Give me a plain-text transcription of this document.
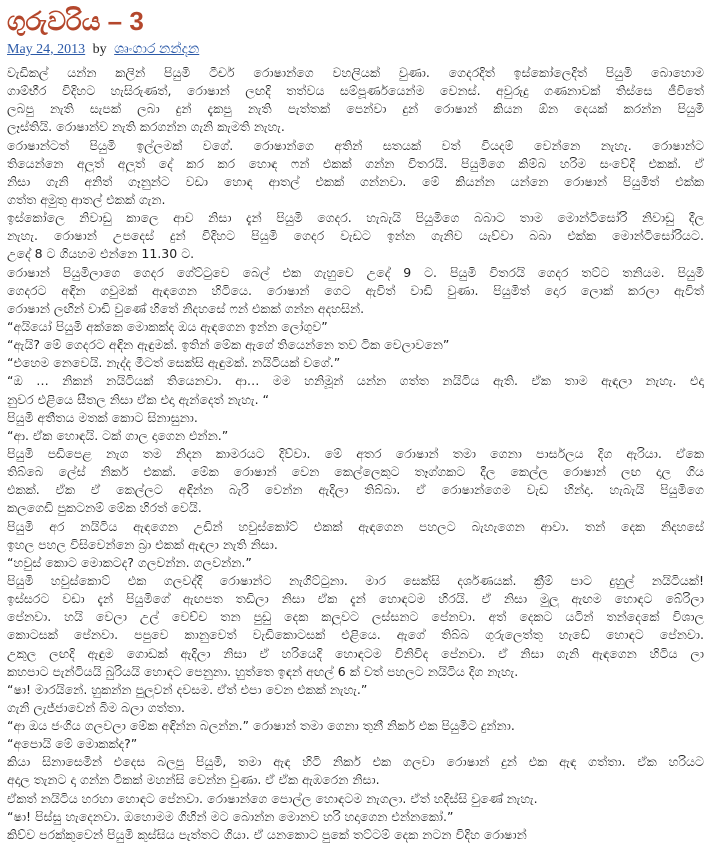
ගුරුවරිය – 3
May 24, 2013 by ශෘංගාර නන්දන
වැඩිකල් යන්න කලින් පියුමි ටීචර් රොෂාන්ගෙ වහලියක් වුණා. ගෙදරදිත් ඉස්කෝලෙදිත් පියුමි බොහොම
ගාම්භීර විදිහට හැසිරුණත්, රොෂාන් ලඟදි තත්වය සම්පූර්ණයෙන්ම වෙනස්. අවුරුදු ගණනාවක් තිස්සෙ ජීවිතේ
ලබපු නැති සැපක් ලබා දුන් දැකපු නැති පැත්තක් පෙන්වා දුන් රොෂාන් කියන ඕන දෙයක් කරන්න පියුමි
ලෑස්තියි. රොෂාන්ව නැති කරගන්න ගැනි කැමති නැහැ.
රොෂාන්ටත් පියුමි ඉල්ලමක් වගේ. රොෂාන්ගෙ අතින් සතයක් වත් වියදම් වෙන්නෙ නැහැ. රොෂාන්ට
තියෙන්නෙ අලුත් අලුත් දේ කර කර හොඳ ෆන් එකක් ගන්න විතරයි. පියුමිගෙ කිම්බ හරිම සංවේදි එකක්. ඒ
නිසා ගැනි අනිත් ගෑනුන්ට වඩා හොඳ ආතල් එකක් ගන්නවා. මේ කියන්න යන්නෙ රොෂාන් පියුමිත් එක්ක
ගත්ත අමුතු ආතල් එකක් ගැන.
ඉස්කෝලෙ නිවාඩු කාලෙ ආව නිසා දැන් පියුමි ගෙදර. හැබැයි පියුමිගෙ බබාට තාම මොන්ටිසෝරි නිවාඩු දීල
නැහැ. රොෂාන් උපදෙස් දුන් විදිහට පියුමි ගෙදර වැඩට ඉන්න ගැනිව යැව්වා බබා එක්ක මොන්ටිසෝරියට.
උදේ 8 ට ගියහම එන්නෙ 11.30 ට.
රොෂාන් පියුමිලාගෙ ගෙදර ගේට්ටුවෙ බෙල් එක ගැහුවෙ උදේ 9 ට. පියුමි විතරයි ගෙදර තට්ට තනියම. පියුමි
ගෙදරට අඳින ගවුමක් ඇඳගෙන හිටියෙ. රොෂාන් ගෙට ඇවිත් වාඩි වුණා. පියුමිත් දොර ලොක් කරලා ඇවිත්
රොෂාන් ලඟින් වාඩි වුණේ හිතේ නිදහසේ ෆන් එකක් ගන්න අදහසින්.
“අයියෝ පියුමි අක්කෙ මොකක්ද ඔය ඇඳගෙන ඉන්න ලෝගුව”
“ඇයි? මේ ගෙදරට අඳින ඇඳුමක්. ඉතින් මේක ඇගේ තියෙන්නෙ තව ටික වෙලාවනෙ”
“එහෙම නෙවෙයි. නැද්ද මීටත් සෙක්සි ඇඳුමක්. නයිටියක් වගේ.”
“ඔ … නිකන් නයිටියක් තියෙනවා. ආ… මම හනිමූන් යන්න ගත්ත නයිටිය ඇති. ඒක තාම ඇඳලා නැහැ. එදා
නුවර එළියෙ සීතල නිසා ඒක එදා ඇන්දෙත් නැහැ. “
පියුමි අතීතය මතක් කොට සිනාසුනා.
“ආ. ඒක හොඳයි. ටක් ගාල දාගෙන එන්න.”
පියුමි පඩිපෙළ නැග තම නිදන කාමරයට දිව්වා. මේ අතර රොෂාන් තමා ගෙනා පාර්සලය දිග ඇරියා. ඒකෙ
තිබ්බෙ ලේස් නිකර් එකක්. මේක රොෂාන් වෙන කෙල්ලෙකුට තෑග්ගකට දීල කෙල්ල රොෂාන් ලඟ දාල ගිය
එකක්. ඒක ඒ කෙල්ලට අඳින්න බැරි වෙන්න ඇදිලා තිබ්බා. ඒ රොෂාන්ගෙම වැඩ හින්දා. හැබැයි පියුමිගෙ
කලගෙඩි පුකටනම් මේක හිරත් වෙයි.
පියුමි අර නයිටිය ඇඳගෙන උඩින් හවුස්කෝට් එකක් ඇඳගෙන පහලට බැහැගෙන ආවා. තන් දෙක නිදහසේ
ඉහල පහල විසිවෙන්නෙ බ්‍රා එකක් ඇඳලා නැති නිසා.
“හවුස් කොට මොකටද? ගලවන්න. ගලවන්න.”
පියුමි හවුස්කොට් එක ගලවද්දි රොෂාන්ට නැගිට්ටුනා. මාර සෙක්සි දර්ශණයක්. ක්‍රීම් පාට දුහුල් නයිටියක්!
ඉස්සරට වඩා දැන් පියුමිගේ ඇඟපත තඩිලා නිසා ඒක දැන් හොඳටම හිරයි. ඒ නිසා මුලු ඇඟම හොඳට බේරිලා
පේනවා. හයි වෙලා උල් වෙච්ච තන පුඩු දෙක කලුවට ලස්සනට පේනවා. අත් දෙකට යටින් තන්දෙකේ විශාල
කොටසක් පේනවා. පපුවෙ කානුවෙත් වැඩිකොටසක් එළියෙ. ඇගේ තිබ්බ ගුරුලෙත්තු හැඩේ හොඳට පේනවා.
උකුල ලඟදි ඇඳුම ගොඩක් ඇදිලා නිසා ඒ හරියෙදි හොඳටම විනිවිද පේනවා. ඒ නිසා ගැනි ඇඳගෙන හිටිය ලා
කහපාට පැන්ටියයි බුරියයි හොඳට පෙනුනා. හුත්තෙ ඉඳන් අඟල් 6 ක් වත් පහලට නයිටිය දිග නැහැ.
“ෂා! මාරයිනේ. හුකන්න පුලුවන් දවසම. ඒත් එපා වෙන එකක් නැහැ.”
ගැනි ලැජ්ජාවෙන් බිම බලා ගත්තා.
“ආ ඔය ජංගිය ගලවලා මේක අඳින්න බලන්න.” රොෂාන් තමා ගෙනා තුනී නිකර් එක පියුමිට දුන්නා.
“අපොයි මේ මොකක්ද?”
කියා සිනාසෙමින් එදෙස බලපු පියුමි, තමා ඇඳ හිටි නිකර් එක ගලවා රොෂාන් දුන් එක ඇඳ ගත්තා. ඒක හරියට
අදාල තැනට දා ගන්න ටිකක් මහන්සි වෙන්න වුණා. ඒ ඒක ඇඹරෙන නිසා.
ඒකත් නයිටිය හරහා හොඳට පේනවා. රොෂාන්ගෙ පොල්ල හොඳටම නැගලා. ඒත් හදිස්සි වුණේ නැහැ.
“ෂා! පිස්සු හැදෙනවා. ඔහොමම ගිහින් මට බොන්න මොනව හරි හදාගෙන එන්නකෝ.”
කිව්ව පරක්කුවෙන් පියුමි කුස්සිය පැත්තට ගියා. ඒ යනකොට පුකේ තට්ටම් දෙක නටන විදිහ රොෂාන්
